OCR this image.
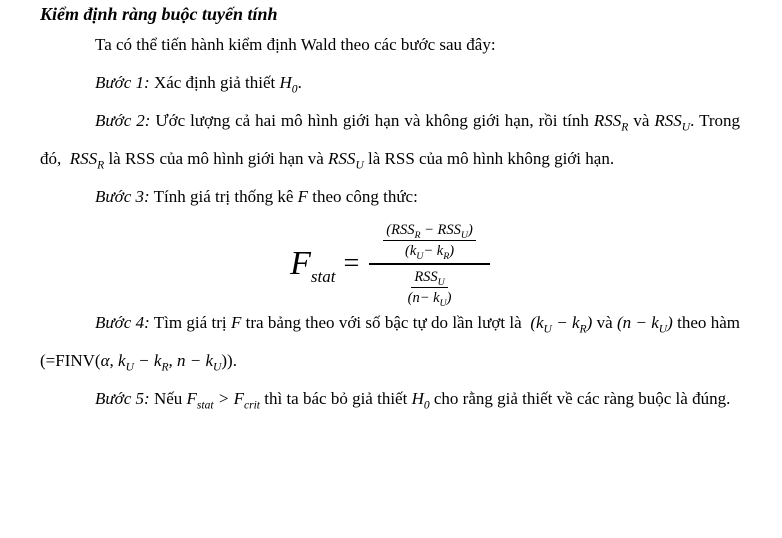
Kiểm định ràng buộc tuyến tính

Ta có thể tiến hành kiểm định Wald theo các bước sau đây:

Bước 1: Xác định giả thiết $H_0$.

Bước 2: Ước lượng cả hai mô hình giới hạn và không giới hạn, rồi tính $RSS_R$ và $RSS_U$. Trong đó,  $RSS_R$ là RSS của mô hình giới hạn và $RSS_U$ là RSS của mô hình không giới hạn.

Bước 3: Tính giá trị thống kê F theo công thức:

$F_{stat}$ =
$\frac{(RSS_R - RSS_U)}{(k_U- k_R)}$
$\frac{RSS_U}{(n- k_U)}$

Bước 4: Tìm giá trị F tra bảng theo với số bậc tự do lần lượt là  $(k_U - k_R)$ và $(n - k_U)$ theo hàm (=FINV(α, $k_U - k_R$, $n - k_U$)).

Bước 5: Nếu $F_{stat} > F_{crit}$ thì ta bác bỏ giả thiết $H_0$ cho rằng giả thiết về các ràng buộc là đúng.
